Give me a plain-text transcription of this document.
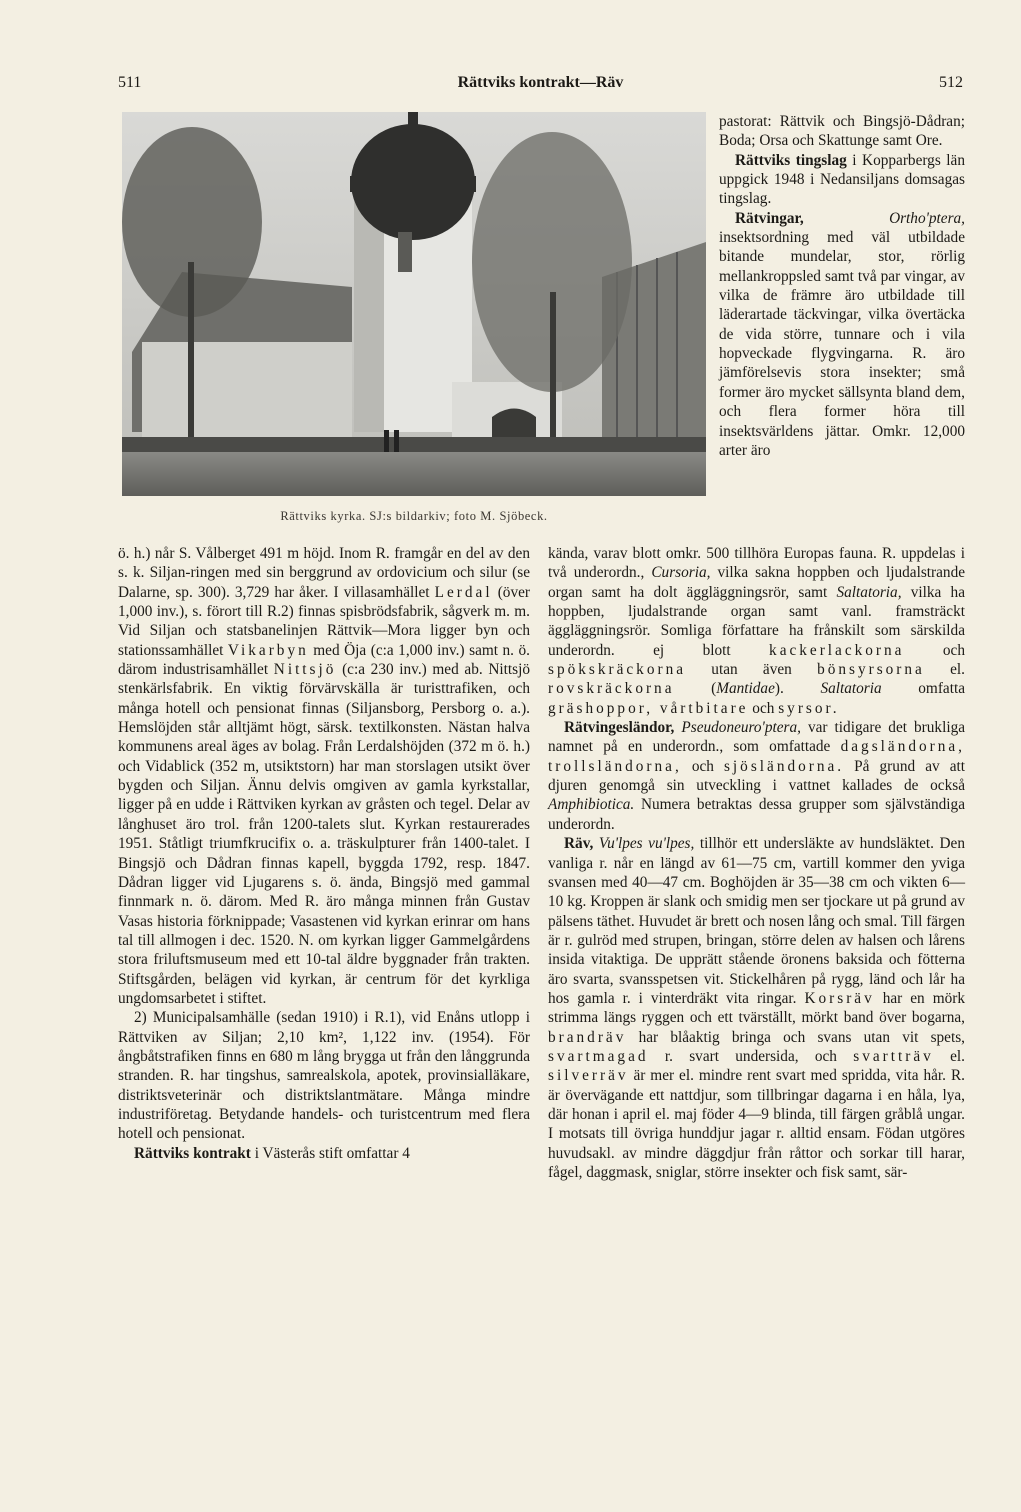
511	Rättviks kontrakt—Räv	512
Rättviks kyrka. SJ:s bildarkiv; foto M. Sjöbeck.

pastorat: Rättvik och Bingsjö-Dådran; Boda; Orsa och Skattunge samt Ore.

Rättviks tingslag i Kopparbergs län uppgick 1948 i Nedansiljans domsagas tingslag.

Rätvingar,	Ortho'ptera, insektsordning med väl utbildade bitande mundelar, stor, rörlig mellankroppsled samt två par vingar, av vilka de främre äro utbildade till läderartade täckvingar, vilka övertäcka de vida större, tunnare och i vila hopveckade flygvingarna. R. äro jämförelsevis stora insekter; små former äro mycket sällsynta bland dem, och flera former höra till insektsvärldens jättar. Omkr. 12,000 arter äro

ö. h.) når S. Vålberget 491 m höjd. Inom R. framgår en del av den s. k. Siljan-ringen med sin berggrund av ordovicium och silur (se Dalarne, sp. 300). 3,729 har åker. I villasamhället Lerdal (över 1,000 inv.), s. förort till R.2) finnas spisbrödsfabrik, sågverk m. m. Vid Siljan och statsbanelinjen Rättvik—Mora ligger byn och stationssamhället Vikarbyn med Öja (c:a 1,000 inv.) samt n. ö. därom industrisamhället Nittsjö (c:a 230 inv.) med ab. Nittsjö stenkärlsfabrik. En viktig förvärvskälla är turisttrafiken, och många hotell och pensionat finnas (Siljansborg, Persborg o. a.). Hemslöjden står alltjämt högt, särsk. textilkonsten. Nästan halva kommunens areal äges av bolag. Från Lerdalshöjden (372 m ö. h.) och Vidablick (352 m, utsiktstorn) har man storslagen utsikt över bygden och Siljan. Ännu delvis omgiven av gamla kyrkstallar, ligger på en udde i Rättviken kyrkan av gråsten och tegel. Delar av långhuset äro trol. från 1200-talets slut. Kyrkan restaurerades 1951. Ståtligt triumfkrucifix o. a. träskulpturer från 1400-talet. I Bingsjö och Dådran finnas kapell, byggda 1792, resp. 1847. Dådran ligger vid Ljugarens s. ö. ända, Bingsjö med gammal finnmark n. ö. därom. Med R. äro många minnen från Gustav Vasas historia förknippade; Vasastenen vid kyrkan erinrar om hans tal till allmogen i dec. 1520. N. om kyrkan ligger Gammelgårdens stora friluftsmuseum med ett 10-tal äldre byggnader från trakten. Stiftsgården, belägen vid kyrkan, är centrum för det kyrkliga ungdomsarbetet i stiftet.

2) Municipalsamhälle (sedan 1910) i R.1), vid Enåns utlopp i Rättviken av Siljan; 2,10 km², 1,122 inv. (1954). För ångbåtstrafiken finns en 680 m lång brygga ut från den långgrunda stranden. R. har tingshus, samrealskola, apotek, provinsialläkare, distriktsveterinär och distriktslantmätare. Många mindre industriföretag. Betydande handels- och turistcentrum med flera hotell och pensionat.

Rättviks kontrakt i Västerås stift omfattar 4

kända, varav blott omkr. 500 tillhöra Europas fauna. R. uppdelas i två underordn., Cursoria, vilka sakna hoppben och ljudalstrande organ samt ha dolt äggläggningsrör, samt Saltatoria, vilka ha hoppben, ljudalstrande organ samt vanl. framsträckt äggläggningsrör. Somliga författare ha frånskilt som särskilda underordn. ej blott kackerlackorna och spökskräckorna utan även bönsyrsorna el. rovskräckorna (Mantidae). Saltatoria omfatta gräshoppor, vårtbitare och syrsor.

Rätvingesländor, Pseudoneuro'ptera, var tidigare det brukliga namnet på en underordn., som omfattade dagsländorna, trollsländorna, och sjösländorna. På grund av att djuren genomgå sin utveckling i vattnet kallades de också Amphibiotica. Numera betraktas dessa grupper som självständiga underordn.

Räv, Vu'lpes vu'lpes, tillhör ett undersläkte av hundsläktet. Den vanliga r. når en längd av 61—75 cm, vartill kommer den yviga svansen med 40—47 cm. Boghöjden är 35—38 cm och vikten 6—10 kg. Kroppen är slank och smidig men ser tjockare ut på grund av pälsens täthet. Huvudet är brett och nosen lång och smal. Till färgen är r. gulröd med strupen, bringan, större delen av halsen och lårens insida vitaktiga. De upprätt stående öronens baksida och fötterna äro svarta, svansspetsen vit. Stickelhåren på rygg, länd och lår ha hos gamla r. i vinterdräkt vita ringar. Korsräv har en mörk strimma längs ryggen och ett tvärställt, mörkt band över bogarna, brandräv har blåaktig bringa och svans utan vit spets, svartmagad r. svart undersida, och svartträv el. silverräv är mer el. mindre rent svart med spridda, vita hår. R. är övervägande ett nattdjur, som tillbringar dagarna i en håla, lya, där honan i april el. maj föder 4—9 blinda, till färgen gråblå ungar. I motsats till övriga hunddjur jagar r. alltid ensam. Födan utgöres huvudsakl. av mindre däggdjur från råttor och sorkar till harar, fågel, daggmask, sniglar, större insekter och fisk samt, sär-
